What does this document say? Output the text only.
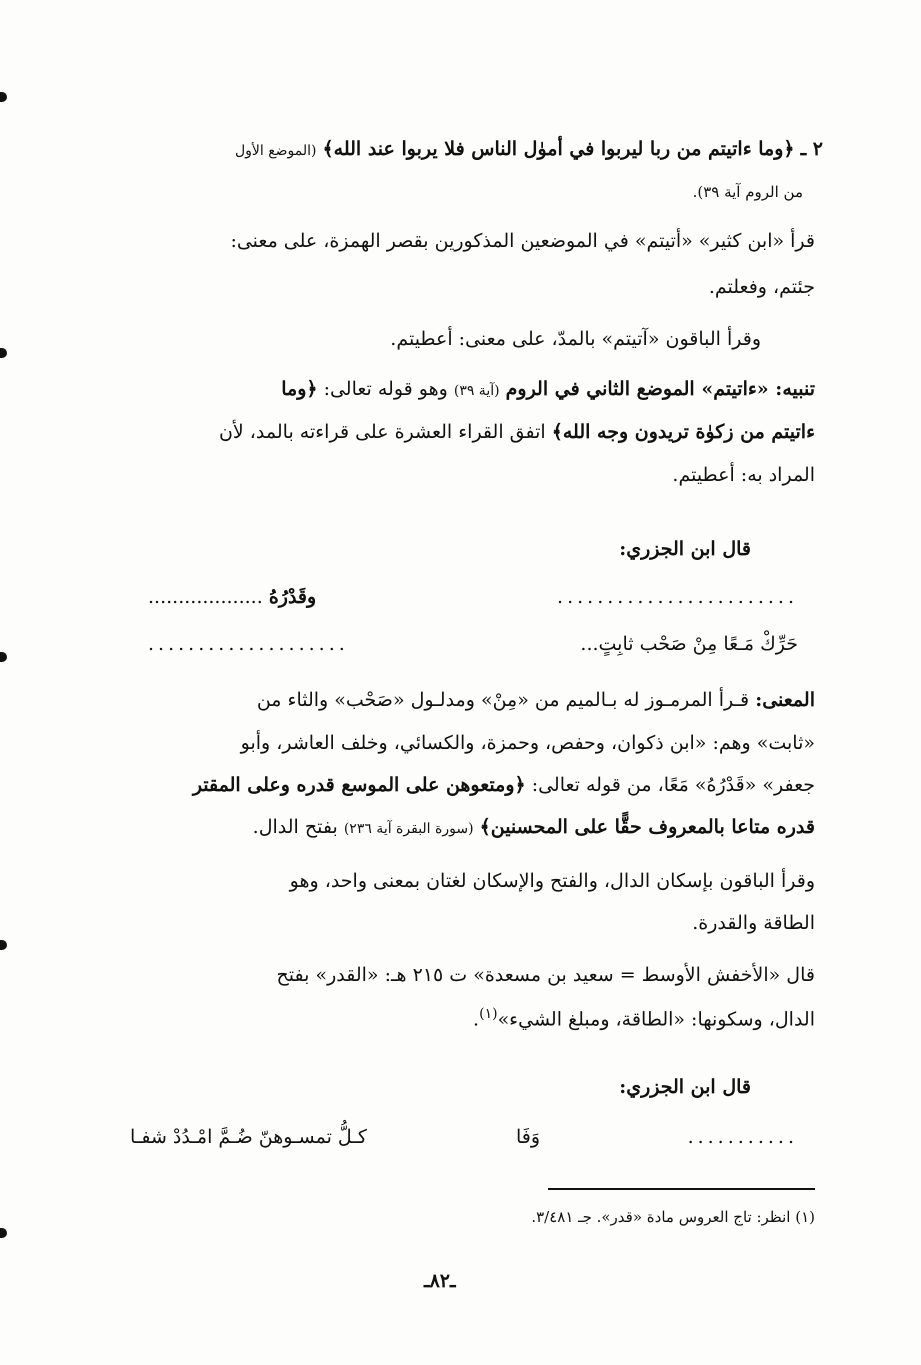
٢ ـ ﴿وما ءاتيتم من ربا ليربوا في أموٰل الناس فلا يربوا عند الله﴾ (الموضع الأول
من الروم آية ٣٩).
قرأ «ابن كثير» «أتيتم» في الموضعين المذكورين بقصر الهمزة، على معنى:
جئتم، وفعلتم.
وقرأ الباقون «آتيتم» بالمدّ، على معنى: أعطيتم.
تنبيه: «ءاتيتم» الموضع الثاني في الروم (آية ٣٩) وهو قوله تعالى: ﴿وما
ءاتيتم من زكوٰة تريدون وجه الله﴾ اتفق القراء العشرة على قراءته بالمد، لأن
المراد به: أعطيتم.
قال ابن الجزري:
........................
وقَدْرُهُ ...................
حَرِّكْ مَـعًا مِنْ صَحْب ثابِتٍ...
....................
المعنى: قـرأ المرمـوز له بـالميم من «مِنْ» ومدلـول «صَحْب» والثاء من
«ثابت» وهم: «ابن ذكوان، وحفص، وحمزة، والكسائي، وخلف العاشر، وأبو
جعفر» «قَدْرُهُ» مَعًا، من قوله تعالى: ﴿ومتعوهن على الموسع قدره وعلى المقتر
قدره متاعا بالمعروف حقًّا على المحسنين﴾ (سورة البقرة آية ٢٣٦) بفتح الدال.
وقرأ الباقون بإسكان الدال، والفتح والإسكان لغتان بمعنى واحد، وهو
الطاقة والقدرة.
قال «الأخفش الأوسط = سعيد بن مسعدة» ت ٢١٥ هـ: «القدر» بفتح
الدال، وسكونها: «الطاقة، ومبلغ الشيء»$^{(١)}$.
قال ابن الجزري:
...........
وَفَا
كـلُّ تمسـوهنّ ضُـمَّ امْـدُدْ شفـا
(١) انظر: تاج العروس مادة «قدر». جـ ٣/٤٨١.
ـ٨٢ـ
